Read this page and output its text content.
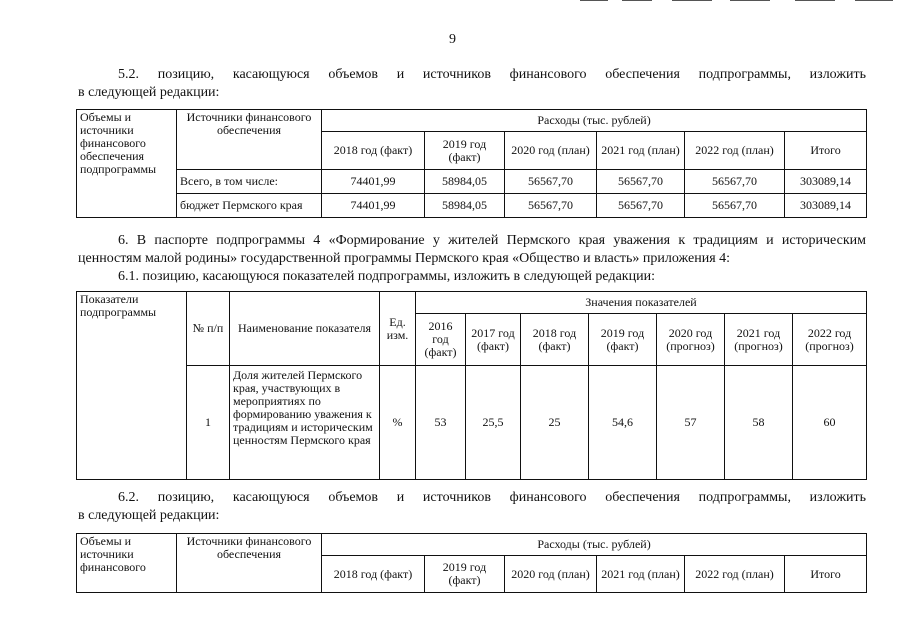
9
5.2. позицию, касающуюся объемов и источников финансового обеспечения подпрограммы, изложить
в следующей редакции:
Объемы и источники финансового обеспечения подпрограммы	Источники финансового обеспечения	Расходы (тыс. рублей)					
		2018 год (факт)	2019 год (факт)	2020 год (план)	2021 год (план)	2022 год (план)	Итого
	Всего, в том числе:	74401,99	58984,05	56567,70	56567,70	56567,70	303089,14
	бюджет Пермского края	74401,99	58984,05	56567,70	56567,70	56567,70	303089,14
6. В паспорте подпрограммы 4 «Формирование у жителей Пермского края уважения к традициям и историческим
ценностям малой родины» государственной программы Пермского края «Общество и власть» приложения 4:
6.1. позицию, касающуюся показателей подпрограммы, изложить в следующей редакции:
Показатели подпрограммы	№ п/п	Наименование показателя	Ед. изм.	Значения показателей						
				2016 год (факт)	2017 год (факт)	2018 год (факт)	2019 год (факт)	2020 год (прогноз)	2021 год (прогноз)	2022 год (прогноз)
	1	Доля жителей Пермского края, участвующих в мероприятиях по формированию уважения к традициям и историческим ценностям Пермского края	%	53	25,5	25	54,6	57	58	60
6.2. позицию, касающуюся объемов и источников финансового обеспечения подпрограммы, изложить
в следующей редакции:
Объемы и источники финансового	Источники финансового обеспечения	Расходы (тыс. рублей)					
		2018 год (факт)	2019 год (факт)	2020 год (план)	2021 год (план)	2022 год (план)	Итого
